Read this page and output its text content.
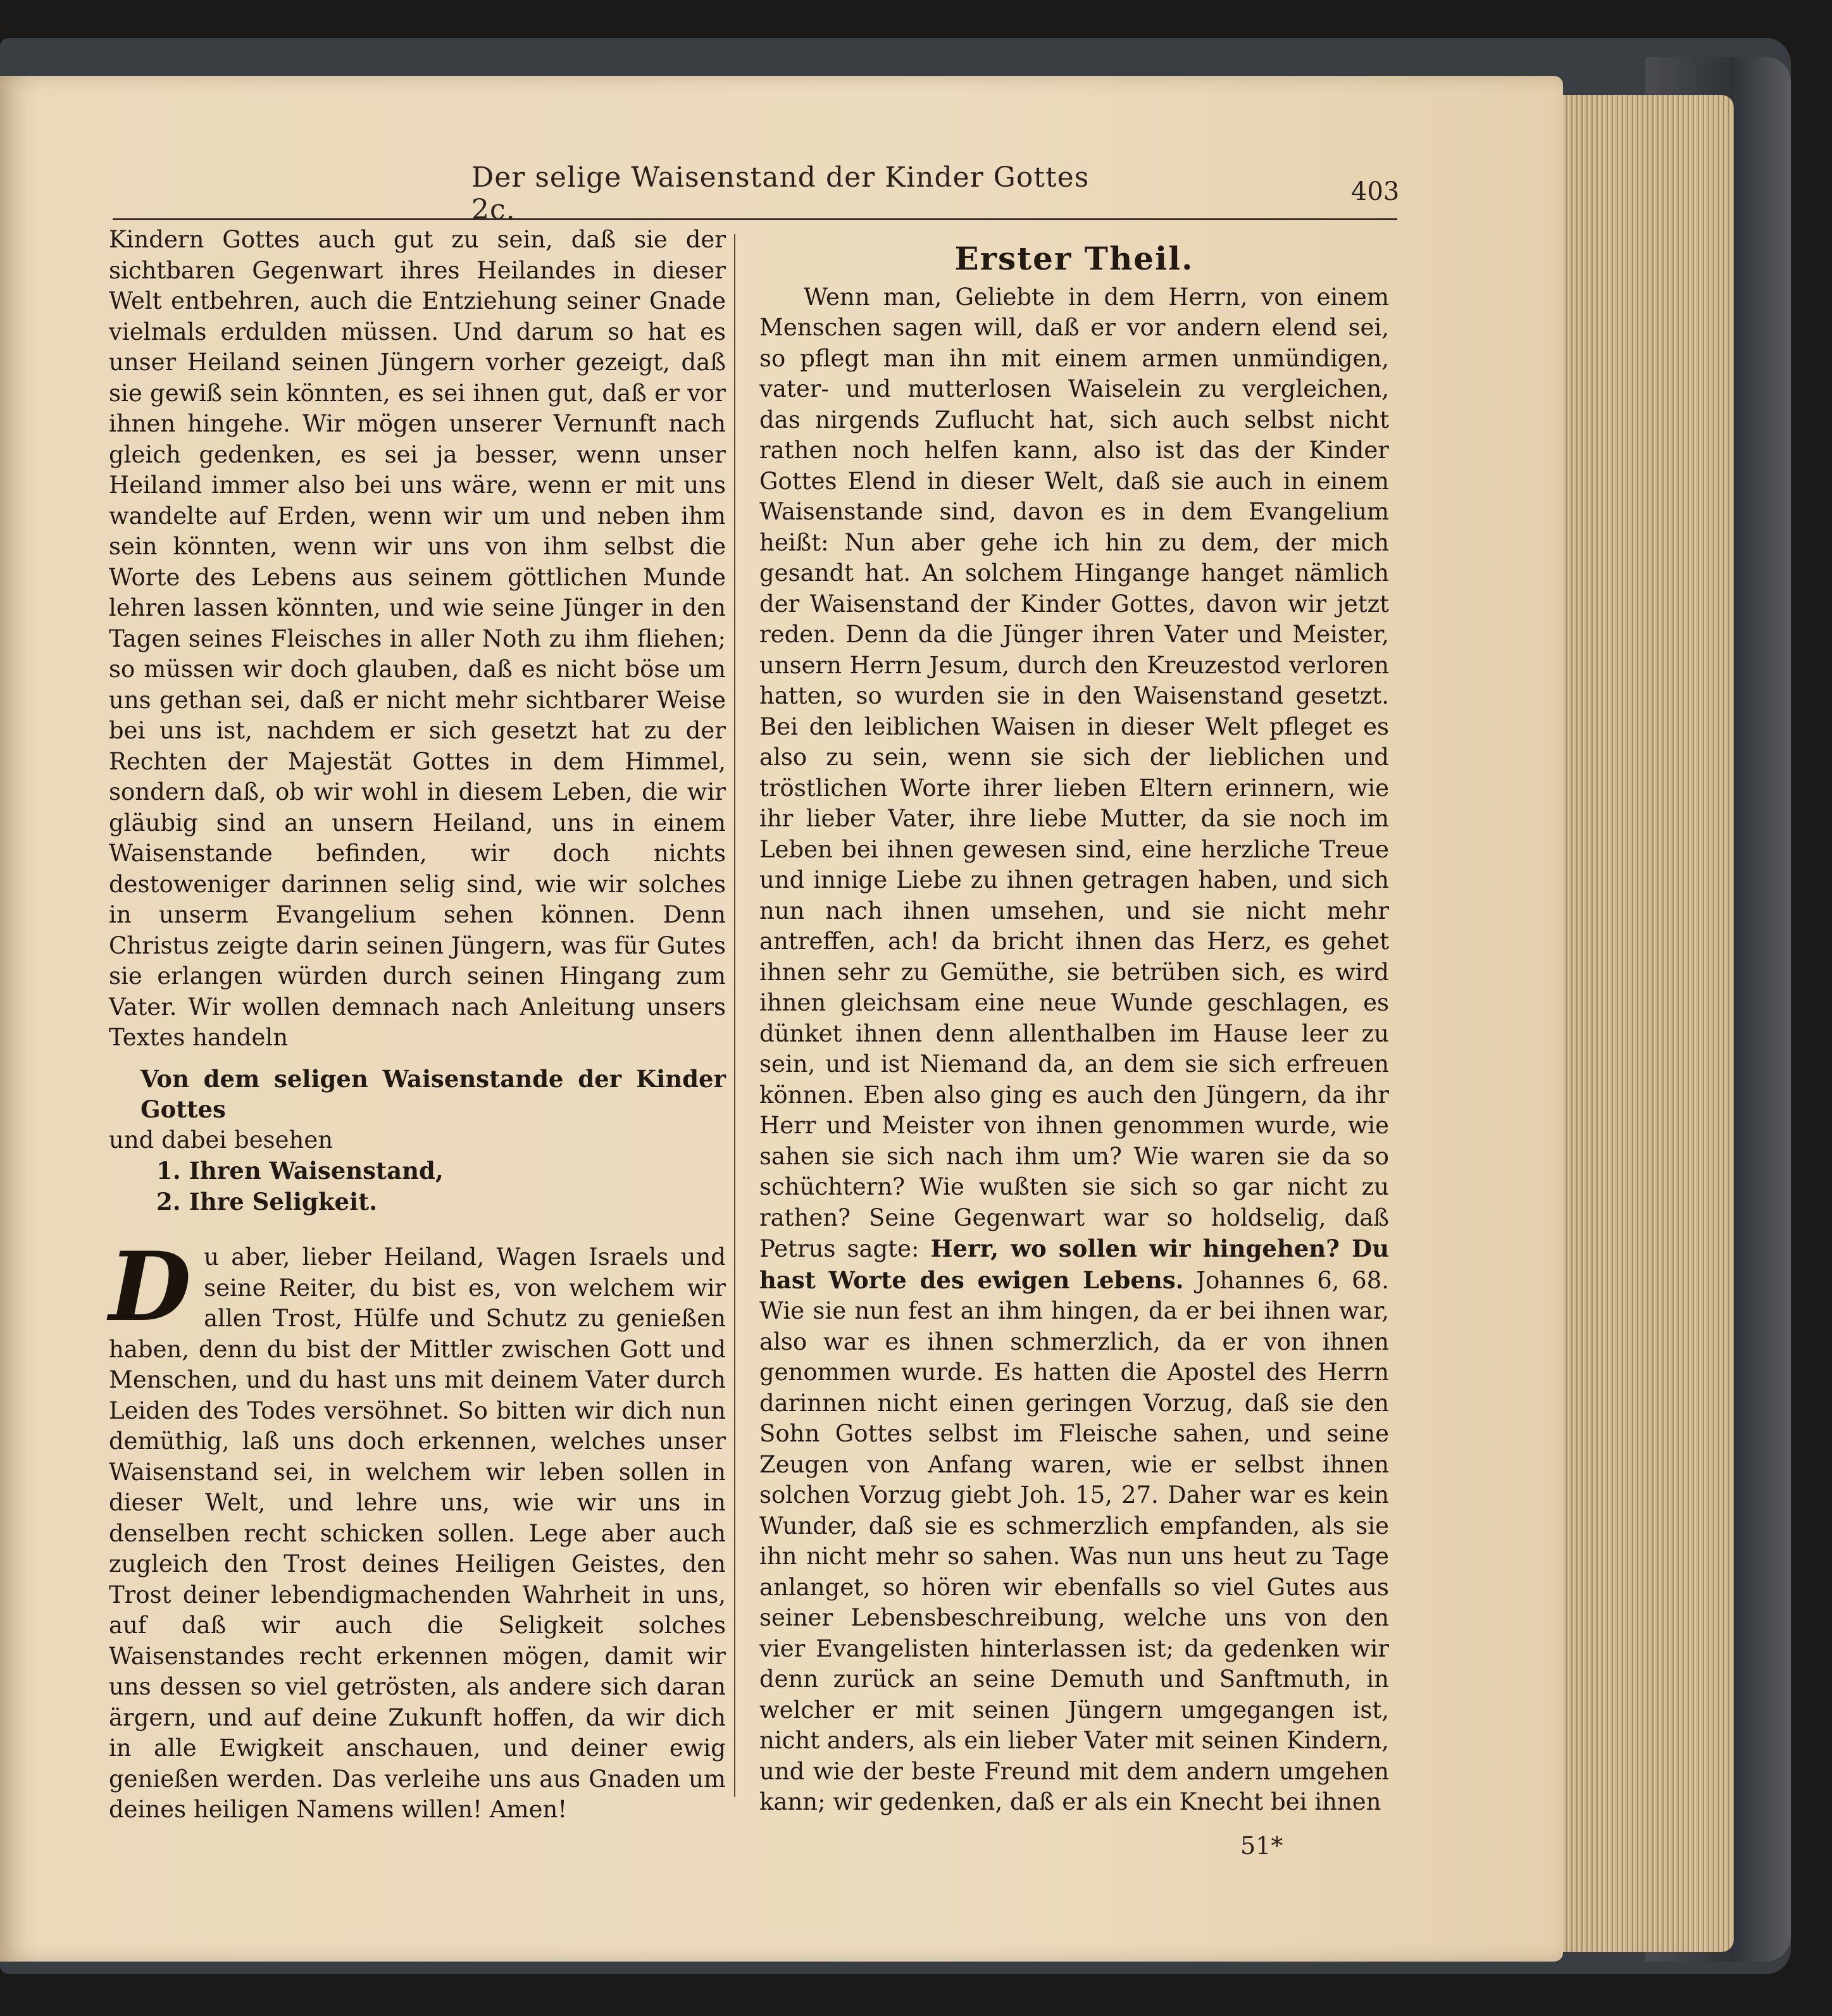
Der selige Waisenstand der Kinder Gottes 2c.
403

Kindern Gottes auch gut zu sein, daß sie der sichtbaren Gegenwart ihres Heilandes in dieser Welt entbehren, auch die Entziehung seiner Gnade vielmals erdulden müssen. Und darum so hat es unser Heiland seinen Jüngern vorher gezeigt, daß sie gewiß sein könnten, es sei ihnen gut, daß er vor ihnen hingehe. Wir mögen unserer Vernunft nach gleich gedenken, es sei ja besser, wenn unser Heiland immer also bei uns wäre, wenn er mit uns wandelte auf Erden, wenn wir um und neben ihm sein könnten, wenn wir uns von ihm selbst die Worte des Lebens aus seinem göttlichen Munde lehren lassen könnten, und wie seine Jünger in den Tagen seines Fleisches in aller Noth zu ihm fliehen; so müssen wir doch glauben, daß es nicht böse um uns gethan sei, daß er nicht mehr sichtbarer Weise bei uns ist, nachdem er sich gesetzt hat zu der Rechten der Majestät Gottes in dem Himmel, sondern daß, ob wir wohl in diesem Leben, die wir gläubig sind an unsern Heiland, uns in einem Waisenstande befinden, wir doch nichts destoweniger darinnen selig sind, wie wir solches in unserm Evangelium sehen können. Denn Christus zeigte darin seinen Jüngern, was für Gutes sie erlangen würden durch seinen Hingang zum Vater. Wir wollen demnach nach Anleitung unsers Textes handeln

Von dem seligen Waisenstande der Kinder Gottes

und dabei besehen

1. Ihren Waisenstand,

2. Ihre Seligkeit.

Du aber, lieber Heiland, Wagen Israels und seine Reiter, du bist es, von welchem wir allen Trost, Hülfe und Schutz zu genießen haben, denn du bist der Mittler zwischen Gott und Menschen, und du hast uns mit deinem Vater durch Leiden des Todes versöhnet. So bitten wir dich nun demüthig, laß uns doch erkennen, welches unser Waisenstand sei, in welchem wir leben sollen in dieser Welt, und lehre uns, wie wir uns in denselben recht schicken sollen. Lege aber auch zugleich den Trost deines Heiligen Geistes, den Trost deiner lebendigmachenden Wahrheit in uns, auf daß wir auch die Seligkeit solches Waisenstandes recht erkennen mögen, damit wir uns dessen so viel getrösten, als andere sich daran ärgern, und auf deine Zukunft hoffen, da wir dich in alle Ewigkeit anschauen, und deiner ewig genießen werden. Das verleihe uns aus Gnaden um deines heiligen Namens willen! Amen!

Erster Theil.

Wenn man, Geliebte in dem Herrn, von einem Menschen sagen will, daß er vor andern elend sei, so pflegt man ihn mit einem armen unmündigen, vater- und mutterlosen Waiselein zu vergleichen, das nirgends Zuflucht hat, sich auch selbst nicht rathen noch helfen kann, also ist das der Kinder Gottes Elend in dieser Welt, daß sie auch in einem Waisenstande sind, davon es in dem Evangelium heißt: Nun aber gehe ich hin zu dem, der mich gesandt hat. An solchem Hingange hanget nämlich der Waisenstand der Kinder Gottes, davon wir jetzt reden. Denn da die Jünger ihren Vater und Meister, unsern Herrn Jesum, durch den Kreuzestod verloren hatten, so wurden sie in den Waisenstand gesetzt. Bei den leiblichen Waisen in dieser Welt pfleget es also zu sein, wenn sie sich der lieblichen und tröstlichen Worte ihrer lieben Eltern erinnern, wie ihr lieber Vater, ihre liebe Mutter, da sie noch im Leben bei ihnen gewesen sind, eine herzliche Treue und innige Liebe zu ihnen getragen haben, und sich nun nach ihnen umsehen, und sie nicht mehr antreffen, ach! da bricht ihnen das Herz, es gehet ihnen sehr zu Gemüthe, sie betrüben sich, es wird ihnen gleichsam eine neue Wunde geschlagen, es dünket ihnen denn allenthalben im Hause leer zu sein, und ist Niemand da, an dem sie sich erfreuen können. Eben also ging es auch den Jüngern, da ihr Herr und Meister von ihnen genommen wurde, wie sahen sie sich nach ihm um? Wie waren sie da so schüchtern? Wie wußten sie sich so gar nicht zu rathen? Seine Gegenwart war so holdselig, daß Petrus sagte: Herr, wo sollen wir hingehen? Du hast Worte des ewigen Lebens. Johannes 6, 68. Wie sie nun fest an ihm hingen, da er bei ihnen war, also war es ihnen schmerzlich, da er von ihnen genommen wurde. Es hatten die Apostel des Herrn darinnen nicht einen geringen Vorzug, daß sie den Sohn Gottes selbst im Fleische sahen, und seine Zeugen von Anfang waren, wie er selbst ihnen solchen Vorzug giebt Joh. 15, 27. Daher war es kein Wunder, daß sie es schmerzlich empfanden, als sie ihn nicht mehr so sahen. Was nun uns heut zu Tage anlanget, so hören wir ebenfalls so viel Gutes aus seiner Lebensbeschreibung, welche uns von den vier Evangelisten hinterlassen ist; da gedenken wir denn zurück an seine Demuth und Sanftmuth, in welcher er mit seinen Jüngern umgegangen ist, nicht anders, als ein lieber Vater mit seinen Kindern, und wie der beste Freund mit dem andern umgehen kann; wir gedenken, daß er als ein Knecht bei ihnen

51*
